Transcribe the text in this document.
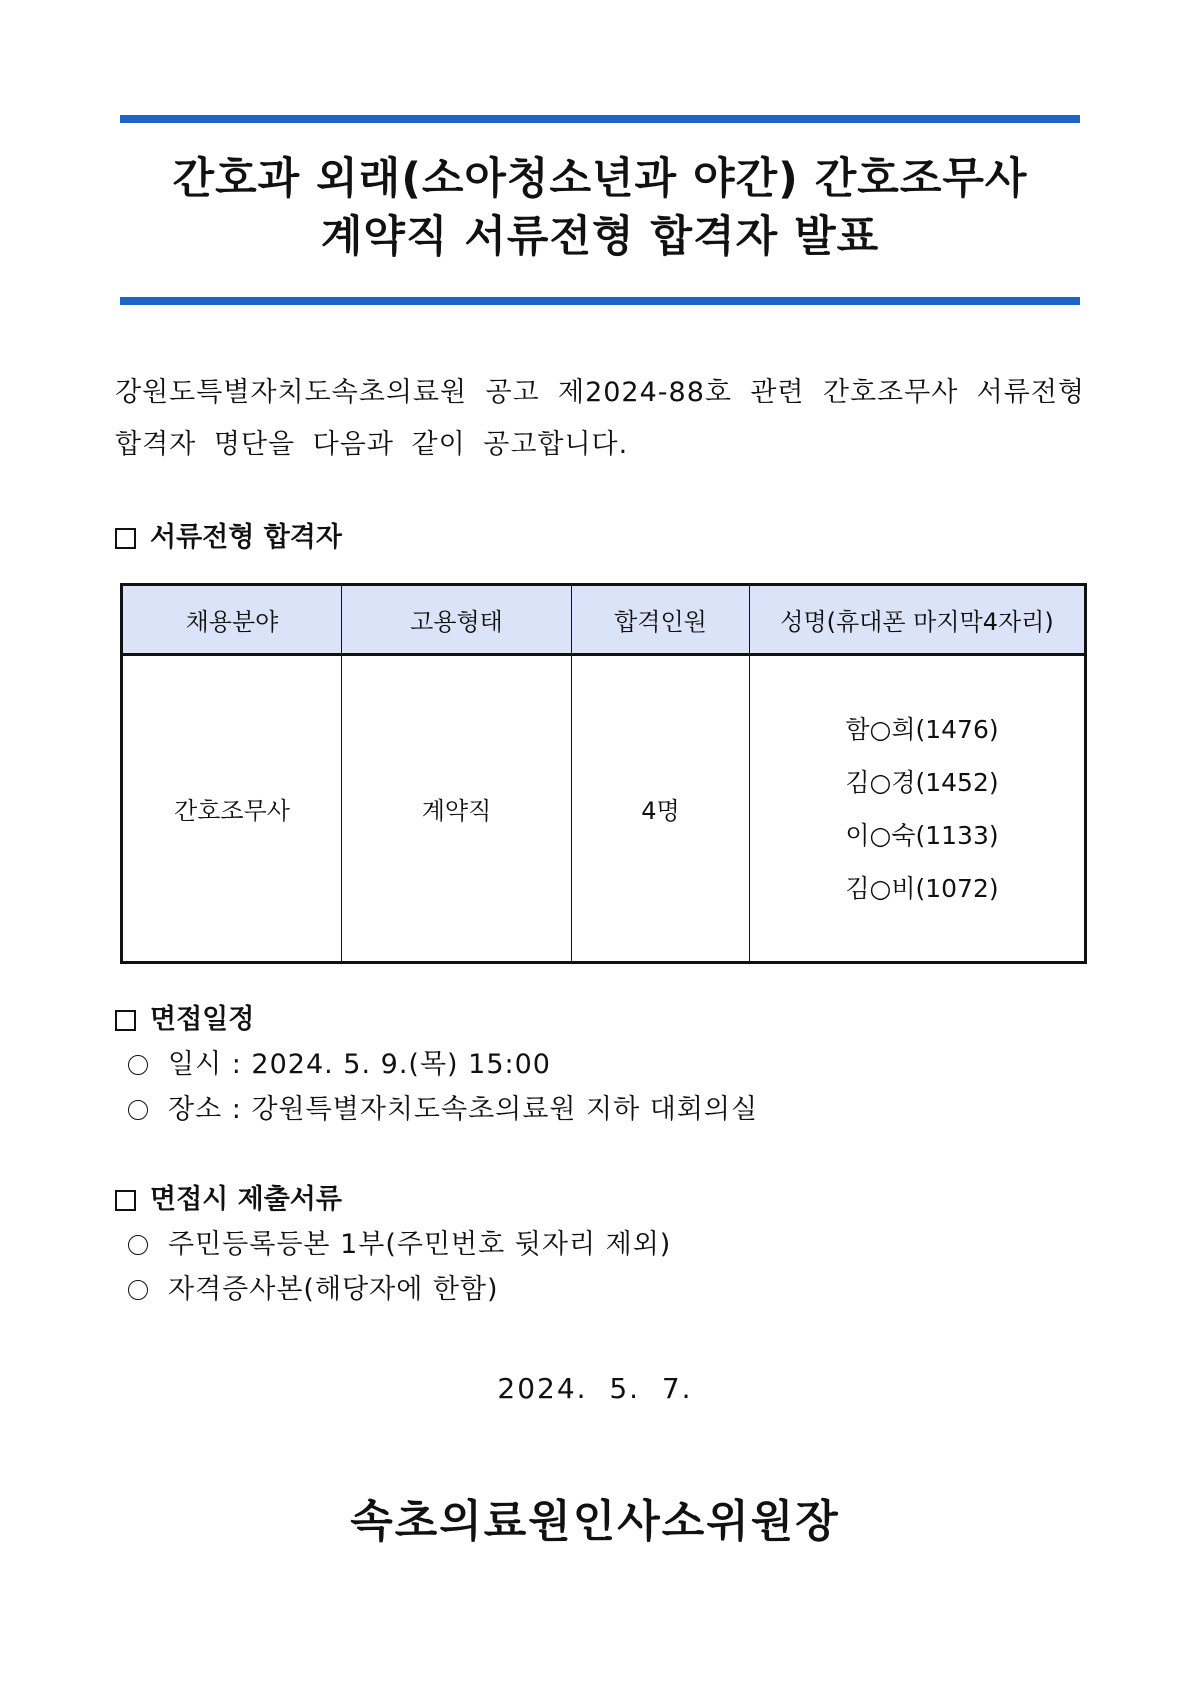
간호과 외래(소아청소년과 야간) 간호조무사
계약직 서류전형 합격자 발표
강원도특별자치도속초의료원 공고 제2024-88호 관련 간호조무사 서류전형 합격자 명단을 다음과 같이 공고합니다.
서류전형 합격자
채용분야	고용형태	합격인원	성명(휴대폰 마지막4자리)
간호조무사	계약직	4명	함○희(1476)
김○경(1452)
이○숙(1133)
김○비(1072)
면접일정
일시 : 2024. 5. 9.(목) 15:00
장소 : 강원특별자치도속초의료원 지하 대회의실
면접시 제출서류
주민등록등본 1부(주민번호 뒷자리 제외)
자격증사본(해당자에 한함)
2024.  5.  7.
속초의료원인사소위원장
